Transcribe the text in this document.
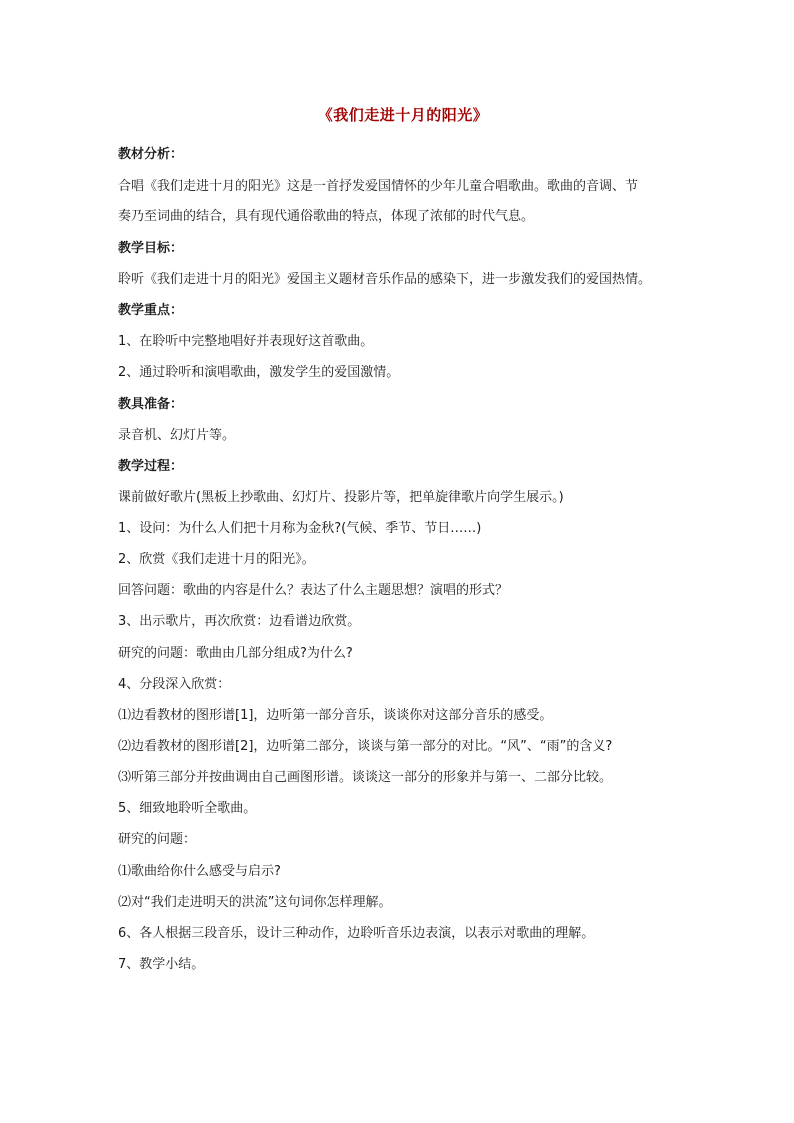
《我们走进十月的阳光》
教材分析：
合唱《我们走进十月的阳光》这是一首抒发爱国情怀的少年儿童合唱歌曲。歌曲的音调、节
奏乃至词曲的结合，具有现代通俗歌曲的特点，体现了浓郁的时代气息。
教学目标：
聆听《我们走进十月的阳光》爱国主义题材音乐作品的感染下，进一步激发我们的爱国热情。
教学重点：
1、在聆听中完整地唱好并表现好这首歌曲。
2、通过聆听和演唱歌曲，激发学生的爱国激情。
教具准备：
录音机、幻灯片等。
教学过程：
课前做好歌片(黑板上抄歌曲、幻灯片、投影片等，把单旋律歌片向学生展示。)
1、设问：为什么人们把十月称为金秋?(气候、季节、节日……)
2、欣赏《我们走进十月的阳光》。
回答问题：歌曲的内容是什么？表达了什么主题思想？演唱的形式？
3、出示歌片，再次欣赏：边看谱边欣赏。
研究的问题：歌曲由几部分组成?为什么?
4、分段深入欣赏：
⑴边看教材的图形谱[1]，边听第一部分音乐，谈谈你对这部分音乐的感受。
⑵边看教材的图形谱[2]，边听第二部分，谈谈与第一部分的对比。“风”、“雨”的含义?
⑶听第三部分并按曲调由自己画图形谱。谈谈这一部分的形象并与第一、二部分比较。
5、细致地聆听全歌曲。
研究的问题：
⑴歌曲给你什么感受与启示?
⑵对“我们走进明天的洪流”这句词你怎样理解。
6、各人根据三段音乐，设计三种动作，边聆听音乐边表演，以表示对歌曲的理解。
7、教学小结。
